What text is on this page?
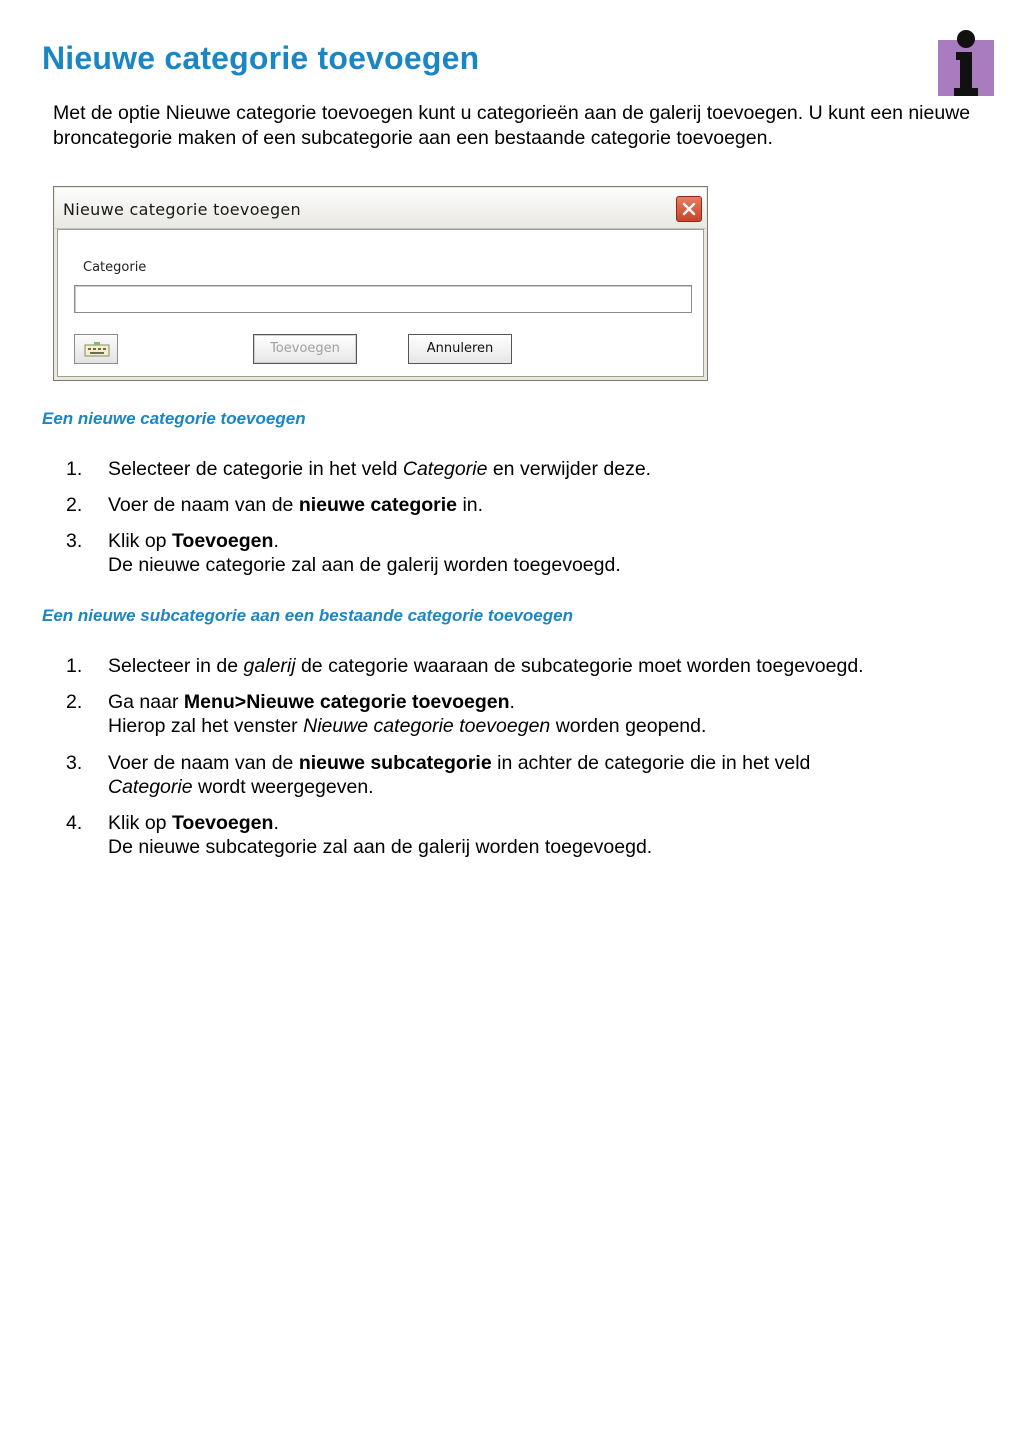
Nieuwe categorie toevoegen

Met de optie Nieuwe categorie toevoegen kunt u categorieën aan de galerij toevoegen. U kunt een nieuwe broncategorie maken of een subcategorie aan een bestaande categorie toevoegen.

Nieuwe categorie toevoegen
Categorie
Toevoegen	Annuleren
Een nieuwe categorie toevoegen
1. Selecteer de categorie in het veld Categorie en verwijder deze.
2. Voer de naam van de nieuwe categorie in.
3. Klik op Toevoegen.
De nieuwe categorie zal aan de galerij worden toegevoegd.
Een nieuwe subcategorie aan een bestaande categorie toevoegen
1. Selecteer in de galerij de categorie waaraan de subcategorie moet worden toegevoegd.
2. Ga naar Menu>Nieuwe categorie toevoegen.
Hierop zal het venster Nieuwe categorie toevoegen worden geopend.
3. Voer de naam van de nieuwe subcategorie in achter de categorie die in het veld
Categorie wordt weergegeven.
4. Klik op Toevoegen.
De nieuwe subcategorie zal aan de galerij worden toegevoegd.
